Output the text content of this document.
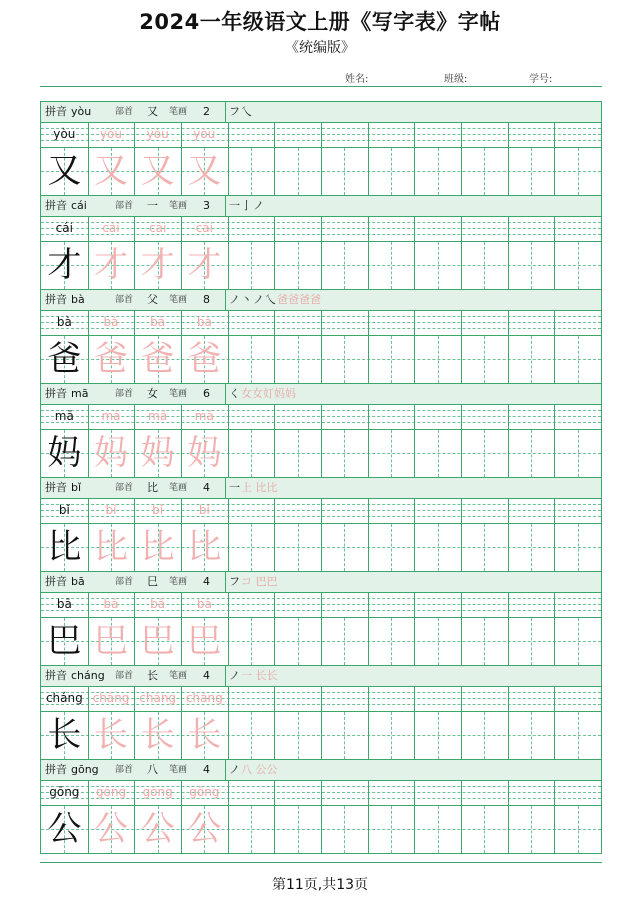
2024一年级语文上册《写字表》字帖
《统编版》
姓名:	班级:	学号:
拼音 yòu	部首 又 笔画 2 フ乀
yòu	yòu	yòu	yòu
又 又 又 又
拼音 cái	部首 一 笔画 3 一亅ノ
cái	cái	cái	cái
才 才 才 才
拼音 bà	部首 父 笔画 8 ノ丶ノ乀爸爸爸爸
bà	bà	bà	bà
爸 爸 爸 爸
拼音 mā	部首 女 笔画 6 く女女奵妈妈
mā	mā	mā	mā
妈 妈 妈 妈
拼音 bǐ	部首 比 笔画 4 一上 比比
bǐ	bǐ	bǐ	bǐ
比 比 比 比
拼音 bā	部首 巳 笔画 4 フコ 巴巴
bā	bā	bā	bā
巴 巴 巴 巴
拼音 cháng 部首 长 笔画 4 ノ一 长长
cháng cháng cháng cháng
长 长 长 长
拼音 gōng 部首 八 笔画 4 ノ八 公公
gōng	gōng	gōng	gōng
公 公 公 公
第11页,共13页
